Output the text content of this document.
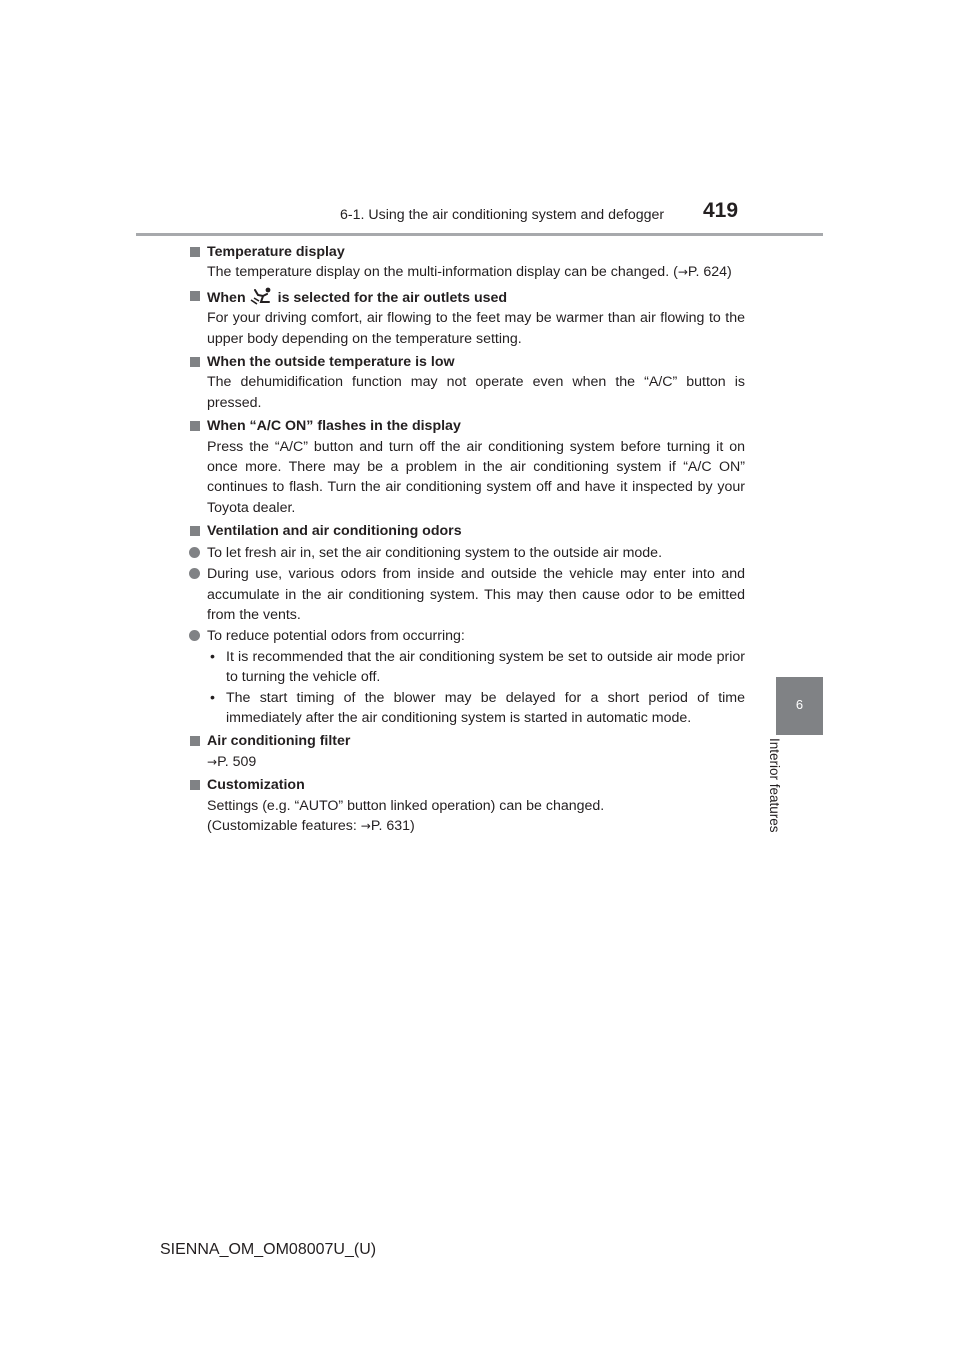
6-1. Using the air conditioning system and defogger 419
6
Interior features
Temperature display
The temperature display on the multi-information display can be changed. (→P. 624)
When is selected for the air outlets used
For your driving comfort, air flowing to the feet may be warmer than air flowing to the upper body depending on the temperature setting.
When the outside temperature is low
The dehumidification function may not operate even when the “A/C” button is pressed.
When “A/C ON” flashes in the display
Press the “A/C” button and turn off the air conditioning system before turning it on once more. There may be a problem in the air conditioning system if “A/C ON” continues to flash. Turn the air conditioning system off and have it inspected by your Toyota dealer.
Ventilation and air conditioning odors
To let fresh air in, set the air conditioning system to the outside air mode.
During use, various odors from inside and outside the vehicle may enter into and accumulate in the air conditioning system. This may then cause odor to be emitted from the vents.
To reduce potential odors from occurring:
• It is recommended that the air conditioning system be set to outside air mode prior to turning the vehicle off.
• The start timing of the blower may be delayed for a short period of time immediately after the air conditioning system is started in automatic mode.
Air conditioning filter
→P. 509
Customization
Settings (e.g. “AUTO” button linked operation) can be changed.
(Customizable features: →P. 631)
SIENNA_OM_OM08007U_(U)
